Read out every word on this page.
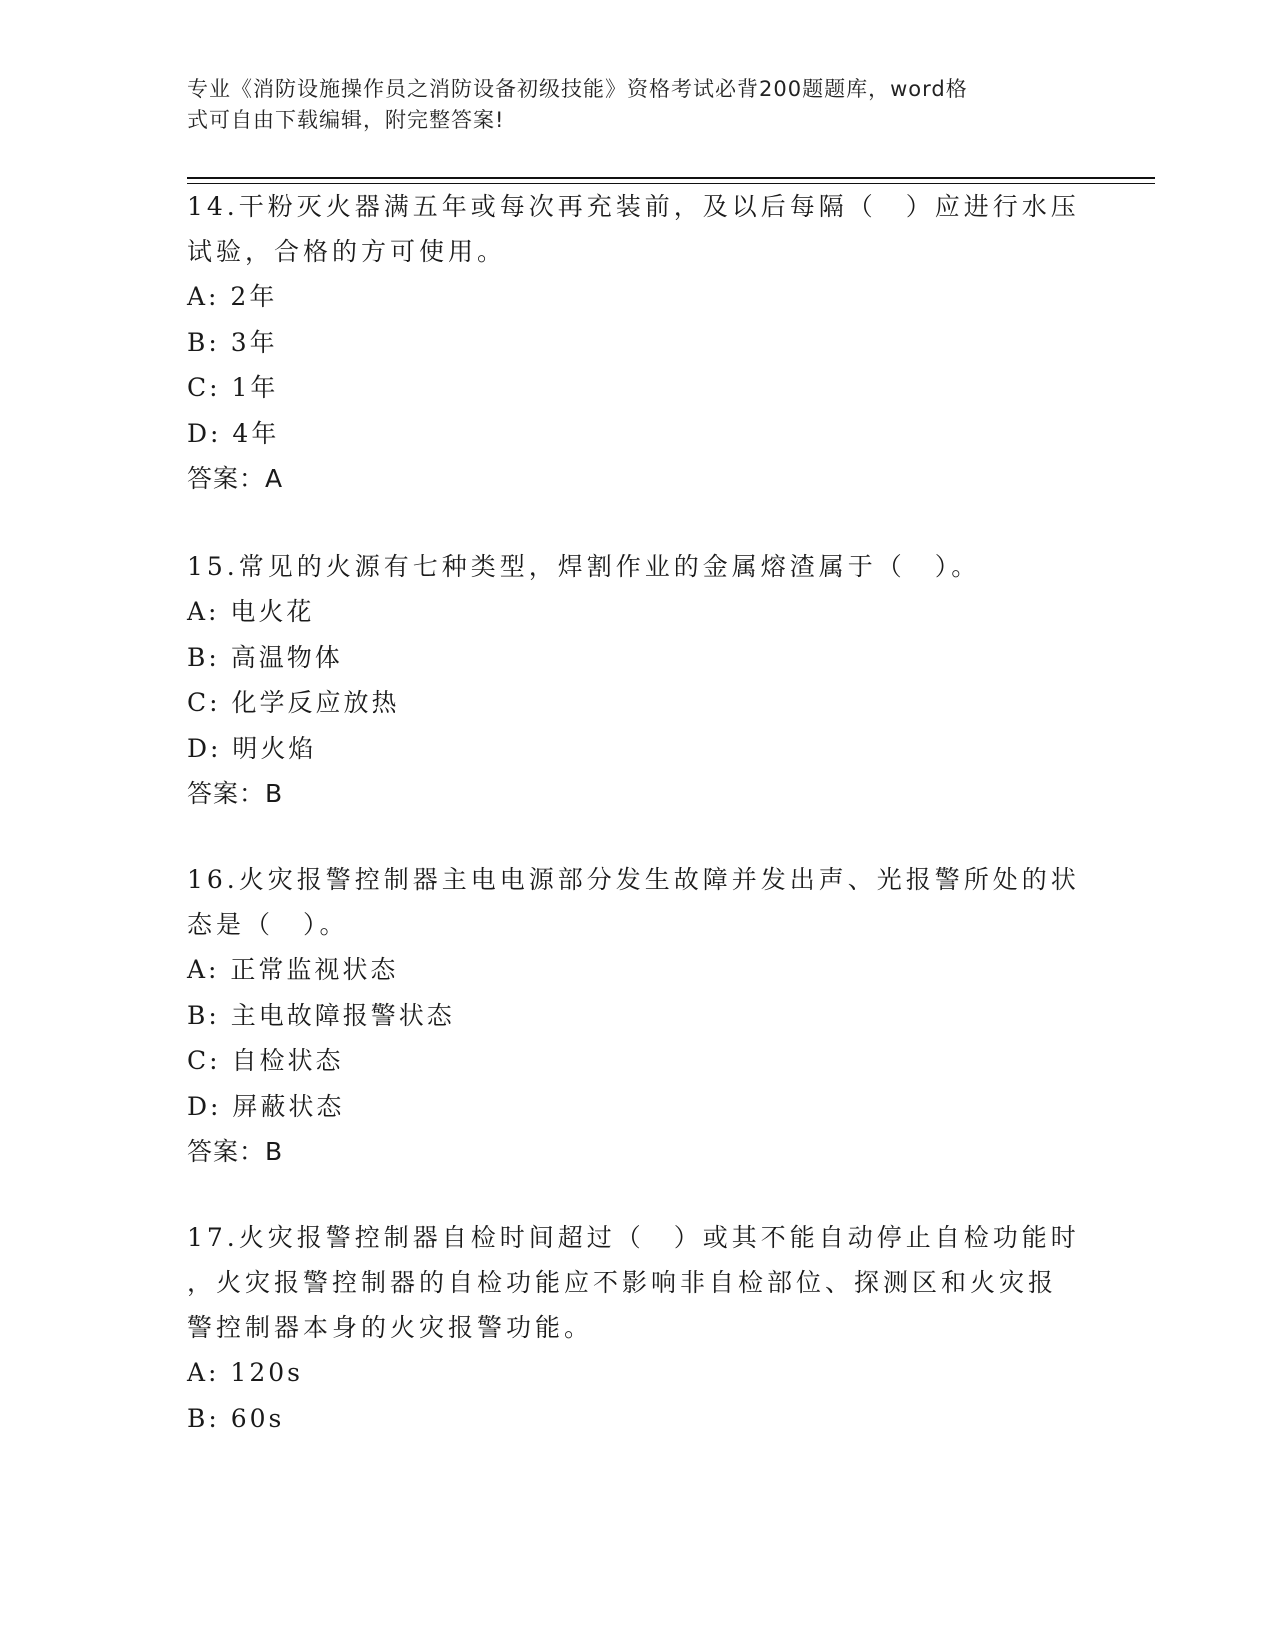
专业《消防设施操作员之消防设备初级技能》资格考试必背200题题库，word格
式可自由下载编辑，附完整答案!

14.干粉灭火器满五年或每次再充装前，及以后每隔（　）应进行水压

试验，合格的方可使用。

A: 2年

B: 3年

C: 1年

D: 4年

答案：A

15.常见的火源有七种类型，焊割作业的金属熔渣属于（　）。

A: 电火花

B: 高温物体

C: 化学反应放热

D: 明火焰

答案：B

16.火灾报警控制器主电电源部分发生故障并发出声、光报警所处的状

态是（　）。

A: 正常监视状态

B: 主电故障报警状态

C: 自检状态

D: 屏蔽状态

答案：B

17.火灾报警控制器自检时间超过（　）或其不能自动停止自检功能时

，火灾报警控制器的自检功能应不影响非自检部位、探测区和火灾报

警控制器本身的火灾报警功能。

A: 120s

B: 60s
